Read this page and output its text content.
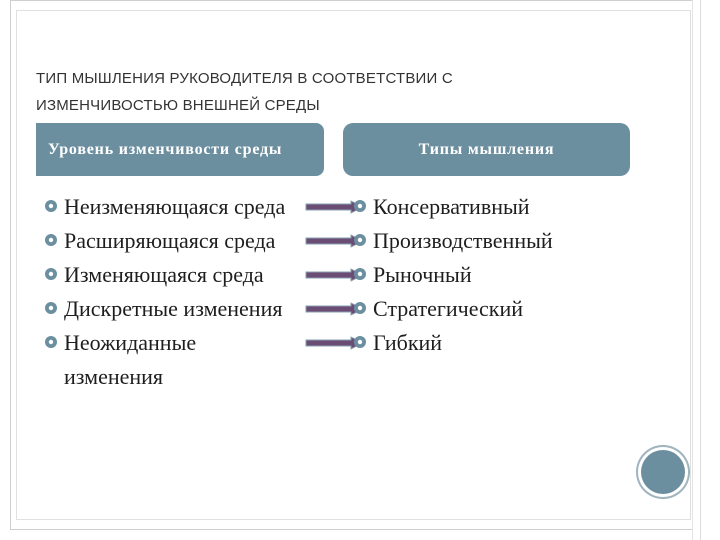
ТИП МЫШЛЕНИЯ РУКОВОДИТЕЛЯ В СООТВЕТСТВИИ С
ИЗМЕНЧИВОСТЬЮ ВНЕШНЕЙ СРЕДЫ
Уровень изменчивости среды	Типы мышления
Неизменяющаяся среда
Расширяющаяся среда
Изменяющаяся среда
Дискретные изменения
Неожиданные изменения
Консервативный
Производственный
Рыночный
Стратегический
Гибкий
